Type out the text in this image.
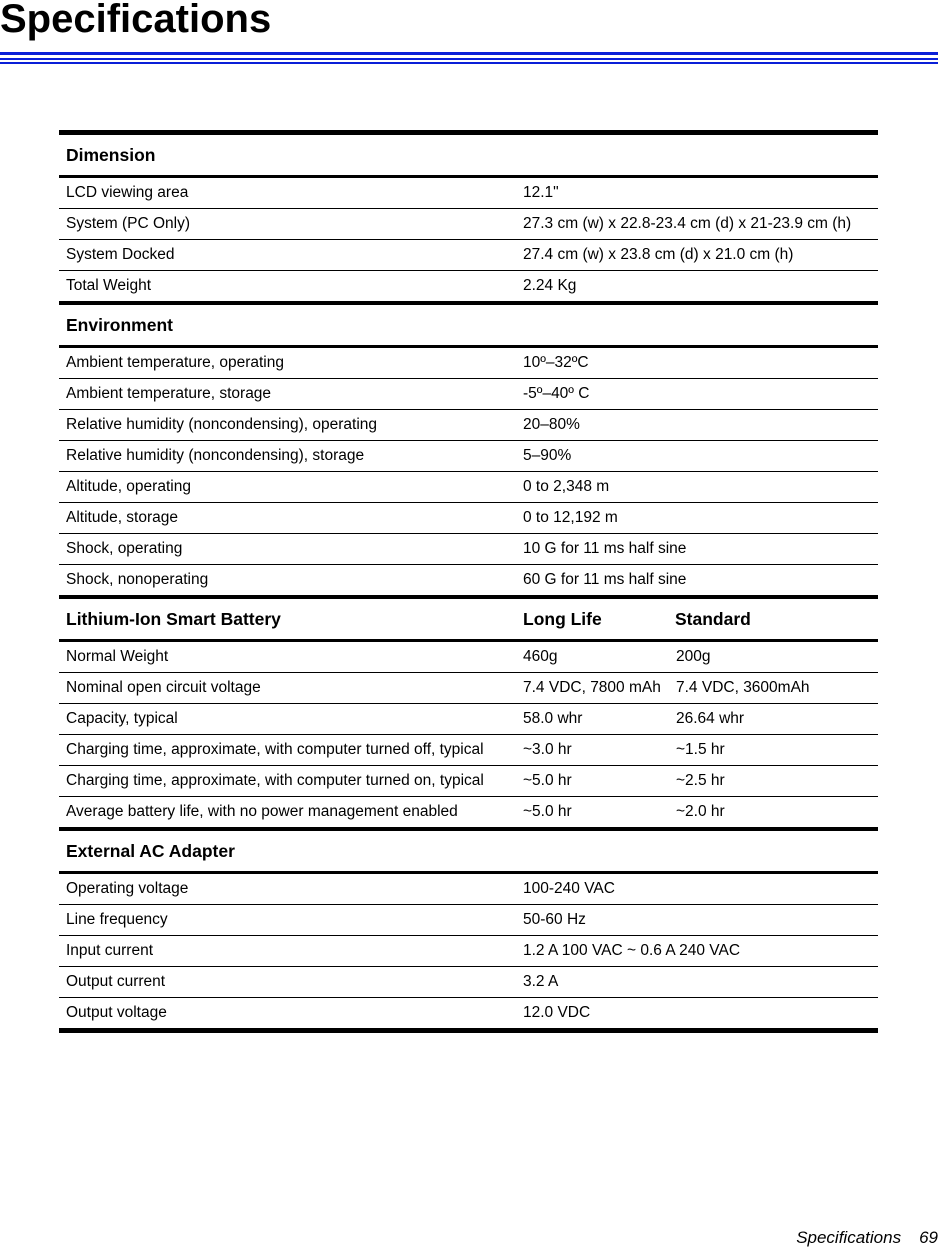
Specifications
Dimension		
LCD viewing area	12.1"	
System (PC Only)	27.3 cm (w) x 22.8-23.4 cm (d) x 21-23.9 cm (h)	
System Docked	27.4 cm (w) x 23.8 cm (d) x 21.0 cm (h)	
Total Weight	2.24 Kg	
Environment		
Ambient temperature, operating	10º–32ºC	
Ambient temperature, storage	-5º–40º C	
Relative humidity (noncondensing), operating	20–80%	
Relative humidity (noncondensing), storage	5–90%	
Altitude, operating	0 to 2,348 m	
Altitude, storage	0 to 12,192 m	
Shock, operating	10 G for 11 ms half sine	
Shock, nonoperating	60 G for 11 ms half sine	
Lithium-Ion Smart Battery	Long Life	Standard
Normal Weight	460g	200g
Nominal open circuit voltage	7.4 VDC, 7800 mAh	7.4 VDC, 3600mAh
Capacity, typical	58.0 whr	26.64 whr
Charging time, approximate, with computer turned off, typical	~3.0 hr	~1.5 hr
Charging time, approximate, with computer turned on, typical	~5.0 hr	~2.5 hr
Average battery life, with no power management enabled	~5.0 hr	~2.0 hr
External AC Adapter		
Operating voltage	100-240 VAC	
Line frequency	50-60 Hz	
Input current	1.2 A 100 VAC ~ 0.6 A 240 VAC	
Output current	3.2 A	
Output voltage	12.0 VDC	
Specifications 69
